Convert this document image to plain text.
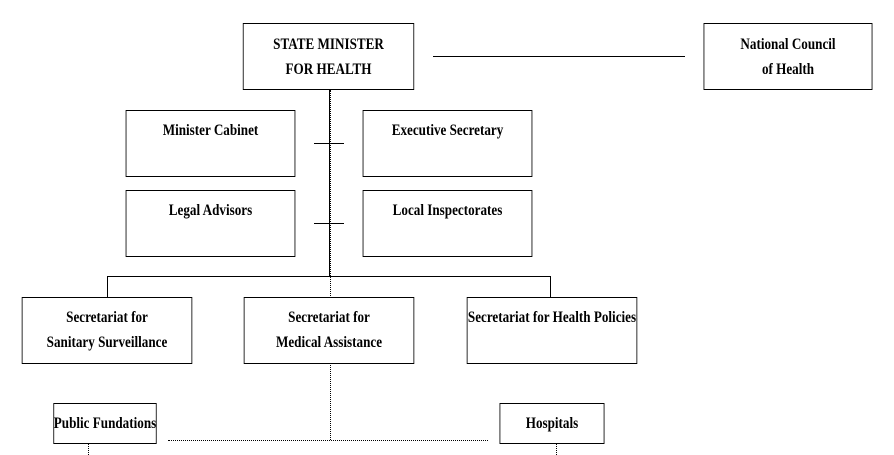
STATE MINISTER
FOR HEALTH
National Council
of Health
Minister Cabinet	Executive Secretary
Legal Advisors	Local Inspectorates
Secretariat for
Sanitary Surveillance
Secretariat for
Medical Assistance
Secretariat for Health Policies
Public Fundations	Hospitals
